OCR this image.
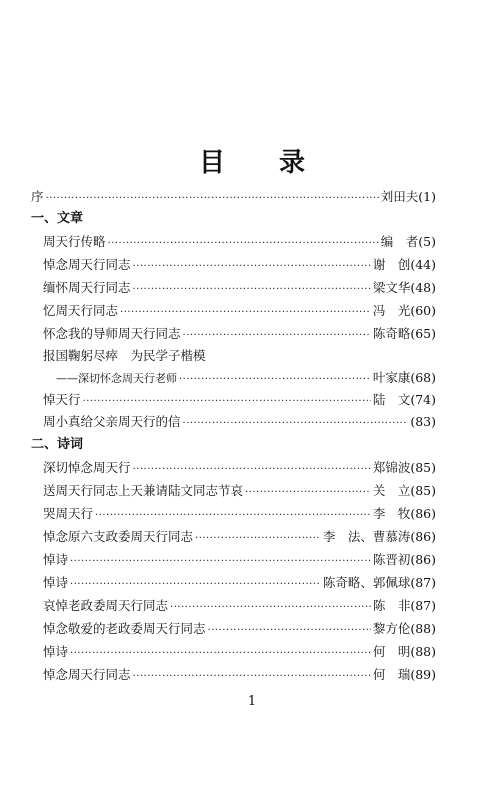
目 录
序 ·····	刘田夫(1)
一、文章
周天行传略 ·····	编　者(5)
悼念周天行同志 ·····	谢　创(44)
缅怀周天行同志 ·····	梁文华(48)
忆周天行同志 ·····	冯　光(60)
怀念我的导师周天行同志 ·····	陈奇略(65)
报国鞠躬尽瘁　为民学子楷模
——深切怀念周天行老师 ·····	叶家康(68)
悼天行 ·····	陆　文(74)
周小真给父亲周天行的信 ·····	(83)
二、诗词
深切悼念周天行 ·····	郑锦波(85)
送周天行同志上天兼请陆文同志节哀 ·····	关　立(85)
哭周天行 ·····	李　牧(86)
悼念原六支政委周天行同志 ·····	李　法、曹慕涛(86)
悼诗 ·····	陈晋初(86)
悼诗 ·····	陈奇略、郭佩球(87)
哀悼老政委周天行同志 ·····	陈　非(87)
悼念敬爱的老政委周天行同志 ·····	黎方伦(88)
悼诗 ·····	何　明(88)
悼念周天行同志 ·····	何　瑞(89)
1
